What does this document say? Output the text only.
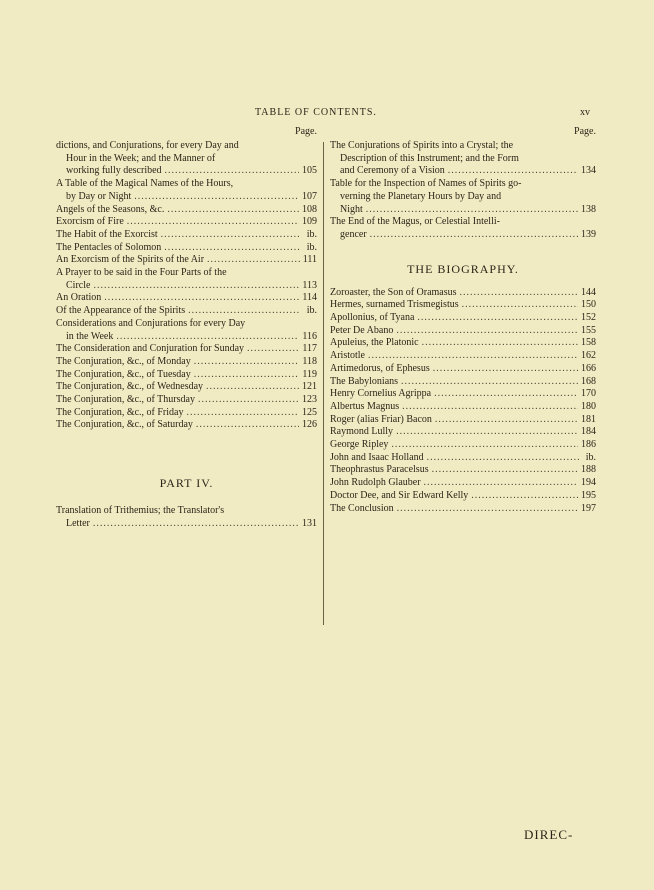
TABLE OF CONTENTS.	xv
Page.
dictions, and Conjurations, for every Day and
Hour in the Week; and the Manner of
working fully described .....	105
A Table of the Magical Names of the Hours,
by Day or Night .....	107
Angels of the Seasons, &c. .....	108
Exorcism of Fire .....	109
The Habit of the Exorcist .....	ib.
The Pentacles of Solomon .....	ib.
An Exorcism of the Spirits of the Air .....	111
A Prayer to be said in the Four Parts of the
Circle .....	113
An Oration .....	114
Of the Appearance of the Spirits .....	ib.
Considerations and Conjurations for every Day
in the Week .....	116
The Consideration and Conjuration for Sunday .....	117
The Conjuration, &c., of Monday .....	118
The Conjuration, &c., of Tuesday .....	119
The Conjuration, &c., of Wednesday .....	121
The Conjuration, &c., of Thursday .....	123
The Conjuration, &c., of Friday .....	125
The Conjuration, &c., of Saturday .....	126
PART IV.
Translation of Trithemius; the Translator's
Letter .....	131
Page.
The Conjurations of Spirits into a Crystal; the
Description of this Instrument; and the Form
and Ceremony of a Vision .....	134
Table for the Inspection of Names of Spirits go-
verning the Planetary Hours by Day and
Night .....	138
The End of the Magus, or Celestial Intelli-
gencer .....	139
THE BIOGRAPHY.
Zoroaster, the Son of Oramasus .....	144
Hermes, surnamed Trismegistus .....	150
Apollonius, of Tyana .....	152
Peter De Abano .....	155
Apuleius, the Platonic .....	158
Aristotle .....	162
Artimedorus, of Ephesus .....	166
The Babylonians .....	168
Henry Cornelius Agrippa .....	170
Albertus Magnus .....	180
Roger (alias Friar) Bacon .....	181
Raymond Lully .....	184
George Ripley .....	186
John and Isaac Holland .....	ib.
Theophrastus Paracelsus .....	188
John Rudolph Glauber .....	194
Doctor Dee, and Sir Edward Kelly .....	195
The Conclusion .....	197
DIREC-
